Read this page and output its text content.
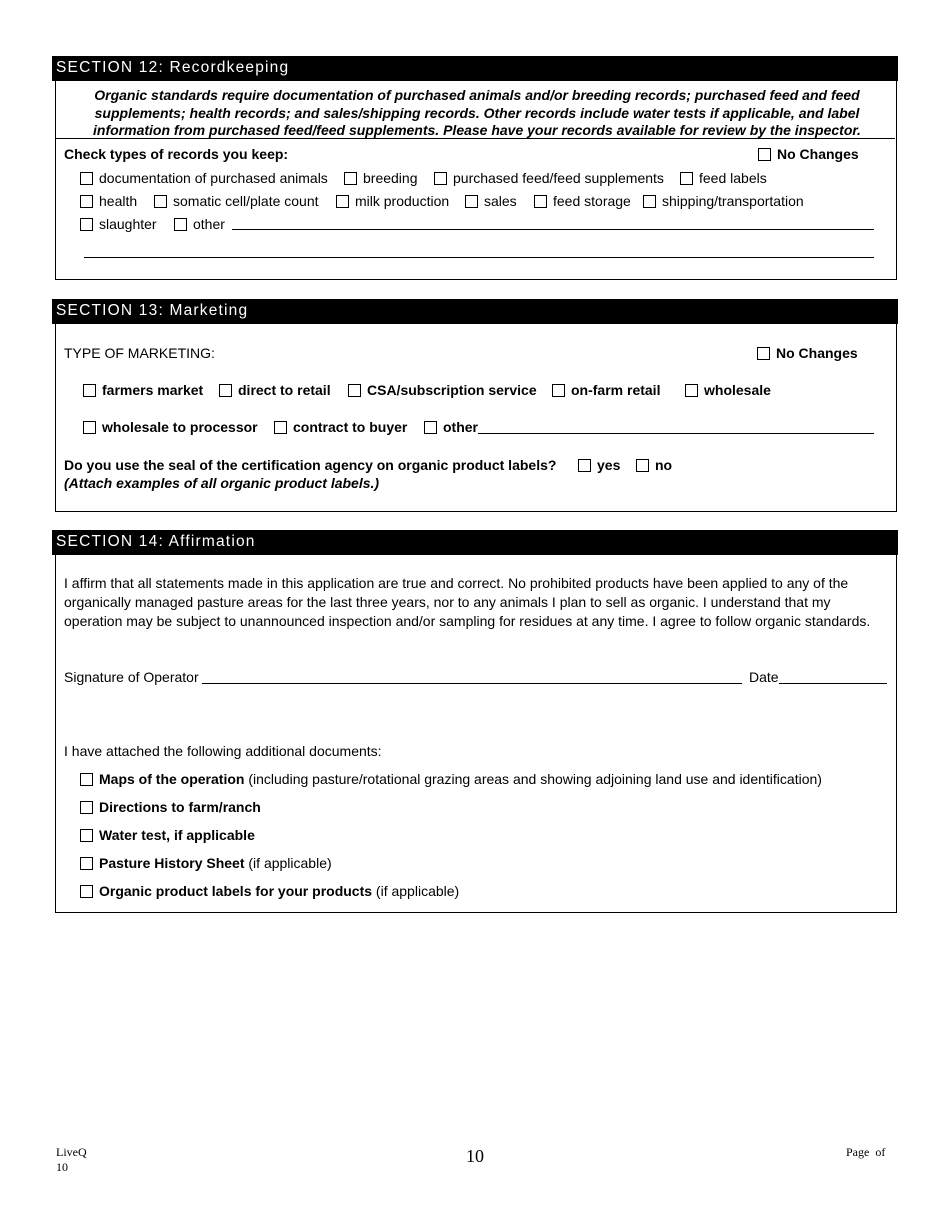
SECTION 12: Recordkeeping
Organic standards require documentation of purchased animals and/or breeding records; purchased feed and feed supplements; health records; and sales/shipping records. Other records include water tests if applicable, and label information from purchased feed/feed supplements. Please have your records available for review by the inspector.
Check types of records you keep:	No Changes
documentation of purchased animals	breeding	purchased feed/feed supplements	feed labels
health	somatic cell/plate count	milk production	sales	feed storage	shipping/transportation
slaughter	other
SECTION 13: Marketing
TYPE OF MARKETING:	No Changes
farmers market	direct to retail	CSA/subscription service	on-farm retail	wholesale
wholesale to processor	contract to buyer	other
Do you use the seal of the certification agency on organic product labels?	yes	no
(Attach examples of all organic product labels.)
SECTION 14: Affirmation
I affirm that all statements made in this application are true and correct. No prohibited products have been applied to any of the organically managed pasture areas for the last three years, nor to any animals I plan to sell as organic. I understand that my operation may be subject to unannounced inspection and/or sampling for residues at any time. I agree to follow organic standards.
Signature of Operator	Date
I have attached the following additional documents:
Maps of the operation (including pasture/rotational grazing areas and showing adjoining land use and identification)
Directions to farm/ranch
Water test, if applicable
Pasture History Sheet (if applicable)
Organic product labels for your products (if applicable)
LiveQ
10
10	Page  of
